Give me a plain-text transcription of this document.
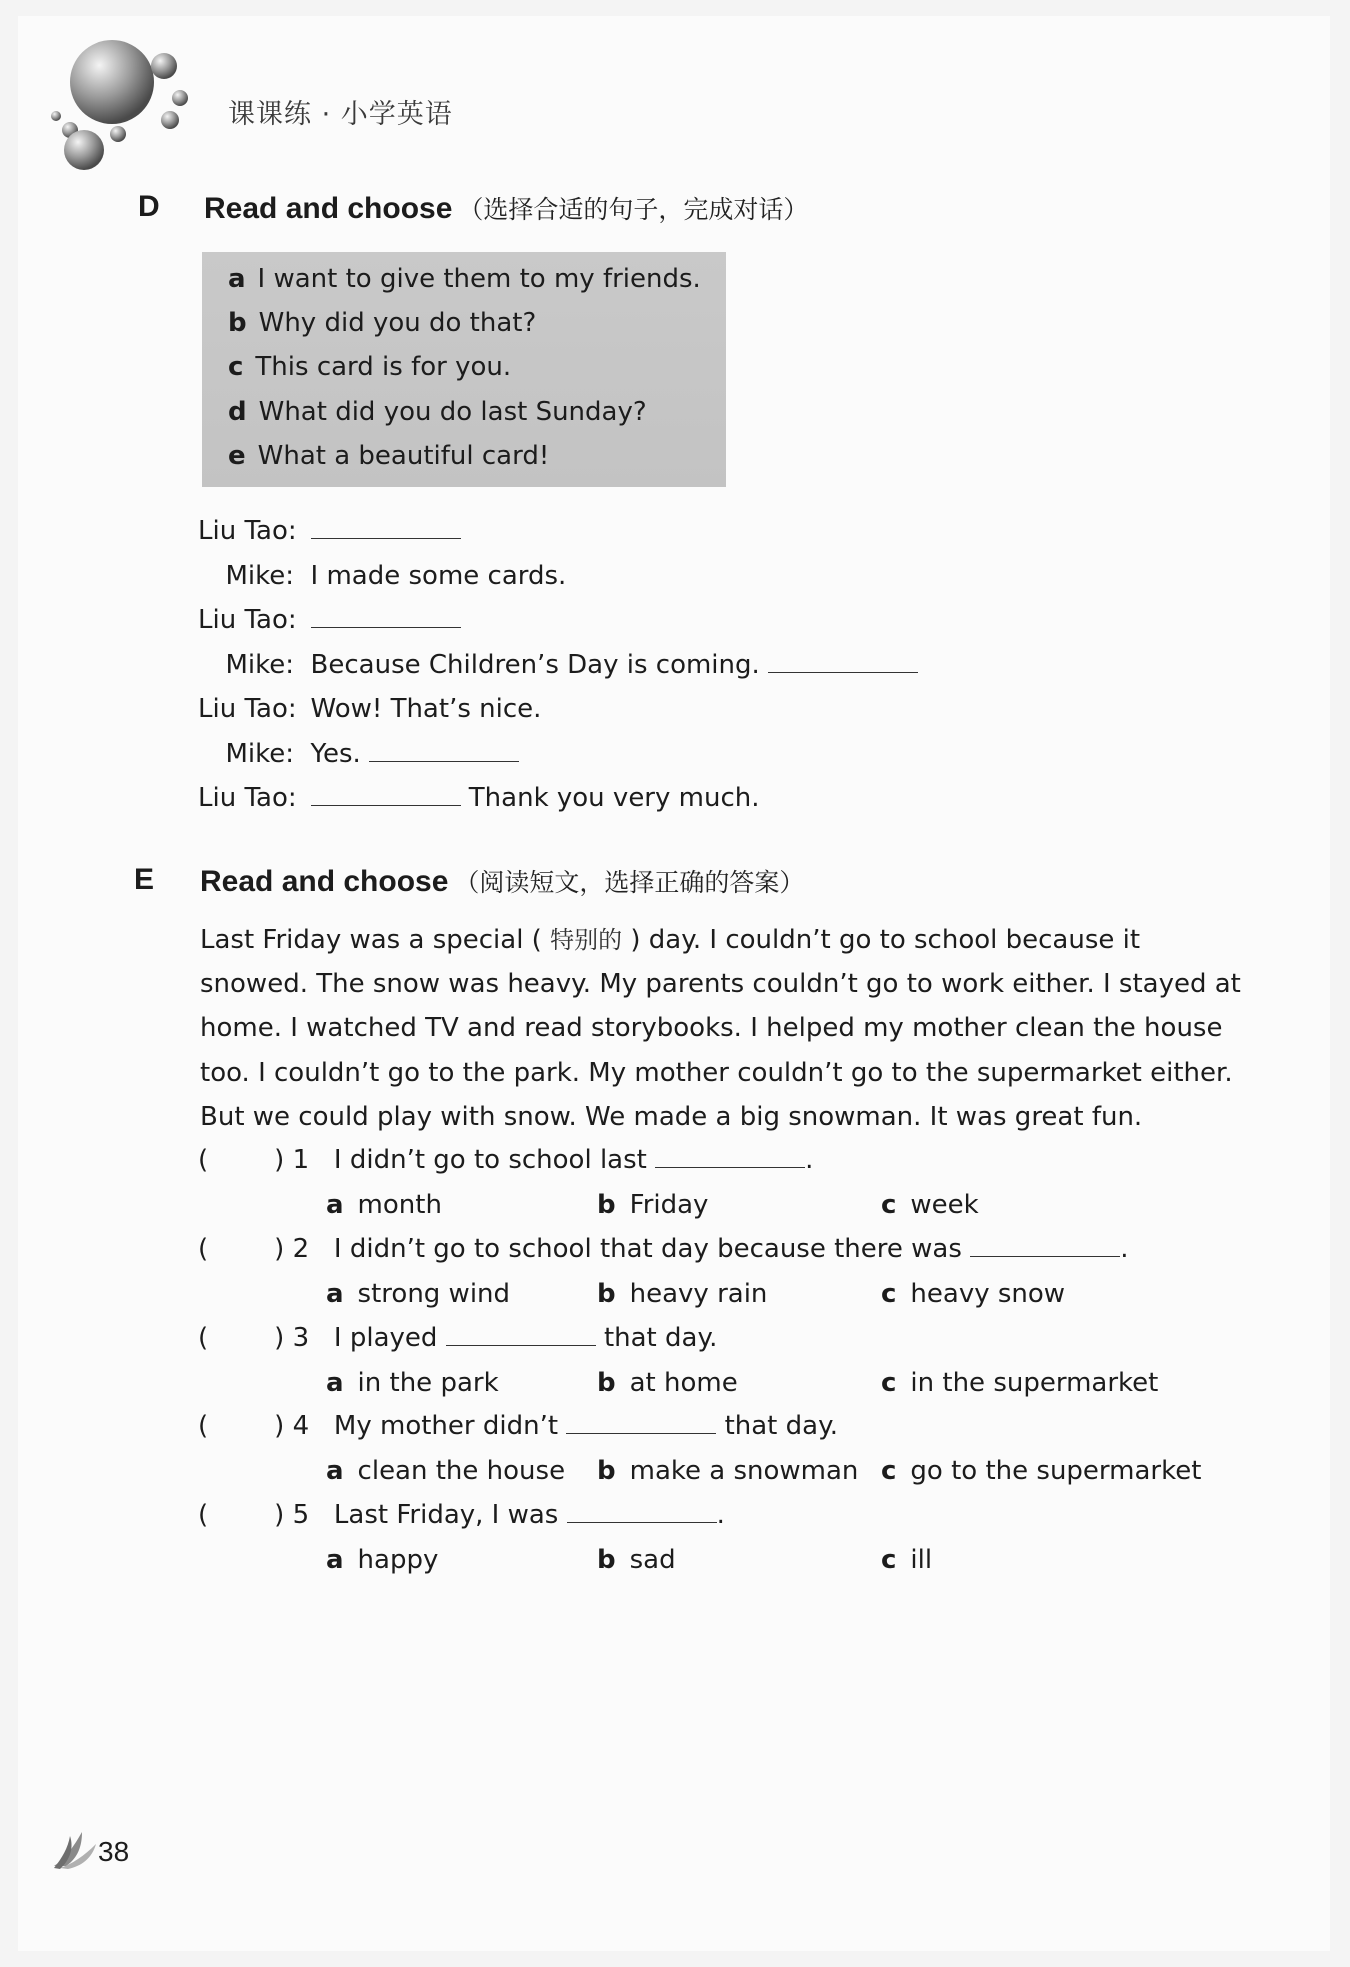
课课练 · 小学英语
D Read and choose （选择合适的句子，完成对话）
a I want to give them to my friends.
b Why did you do that?
c This card is for you.
d What did you do last Sunday?
e What a beautiful card!
Liu Tao:
Mike: I made some cards.
Liu Tao:
Mike: Because Children’s Day is coming.
Liu Tao: Wow! That’s nice.
Mike: Yes.
Liu Tao:	Thank you very much.
E Read and choose （阅读短文，选择正确的答案）

Last Friday was a special ( 特别的 ) day. I couldn’t go to school because it

snowed. The snow was heavy. My parents couldn’t go to work either. I stayed at

home. I watched TV and read storybooks. I helped my mother clean the house

too. I couldn’t go to the park. My mother couldn’t go to the supermarket either.

But we could play with snow. We made a big snowman. It was great fun.

(	) 1 I didn’t go to school last	.
a month	b Friday	c week
(	) 2 I didn’t go to school that day because there was	.
a strong wind	b heavy rain	c heavy snow
(	) 3 I played	that day.
a in the park	b at home	c in the supermarket
(	) 4 My mother didn’t	that day.
a clean the house b make a snowman c go to the supermarket
(	) 5 Last Friday, I was	.
a happy	b sad	c ill
38
